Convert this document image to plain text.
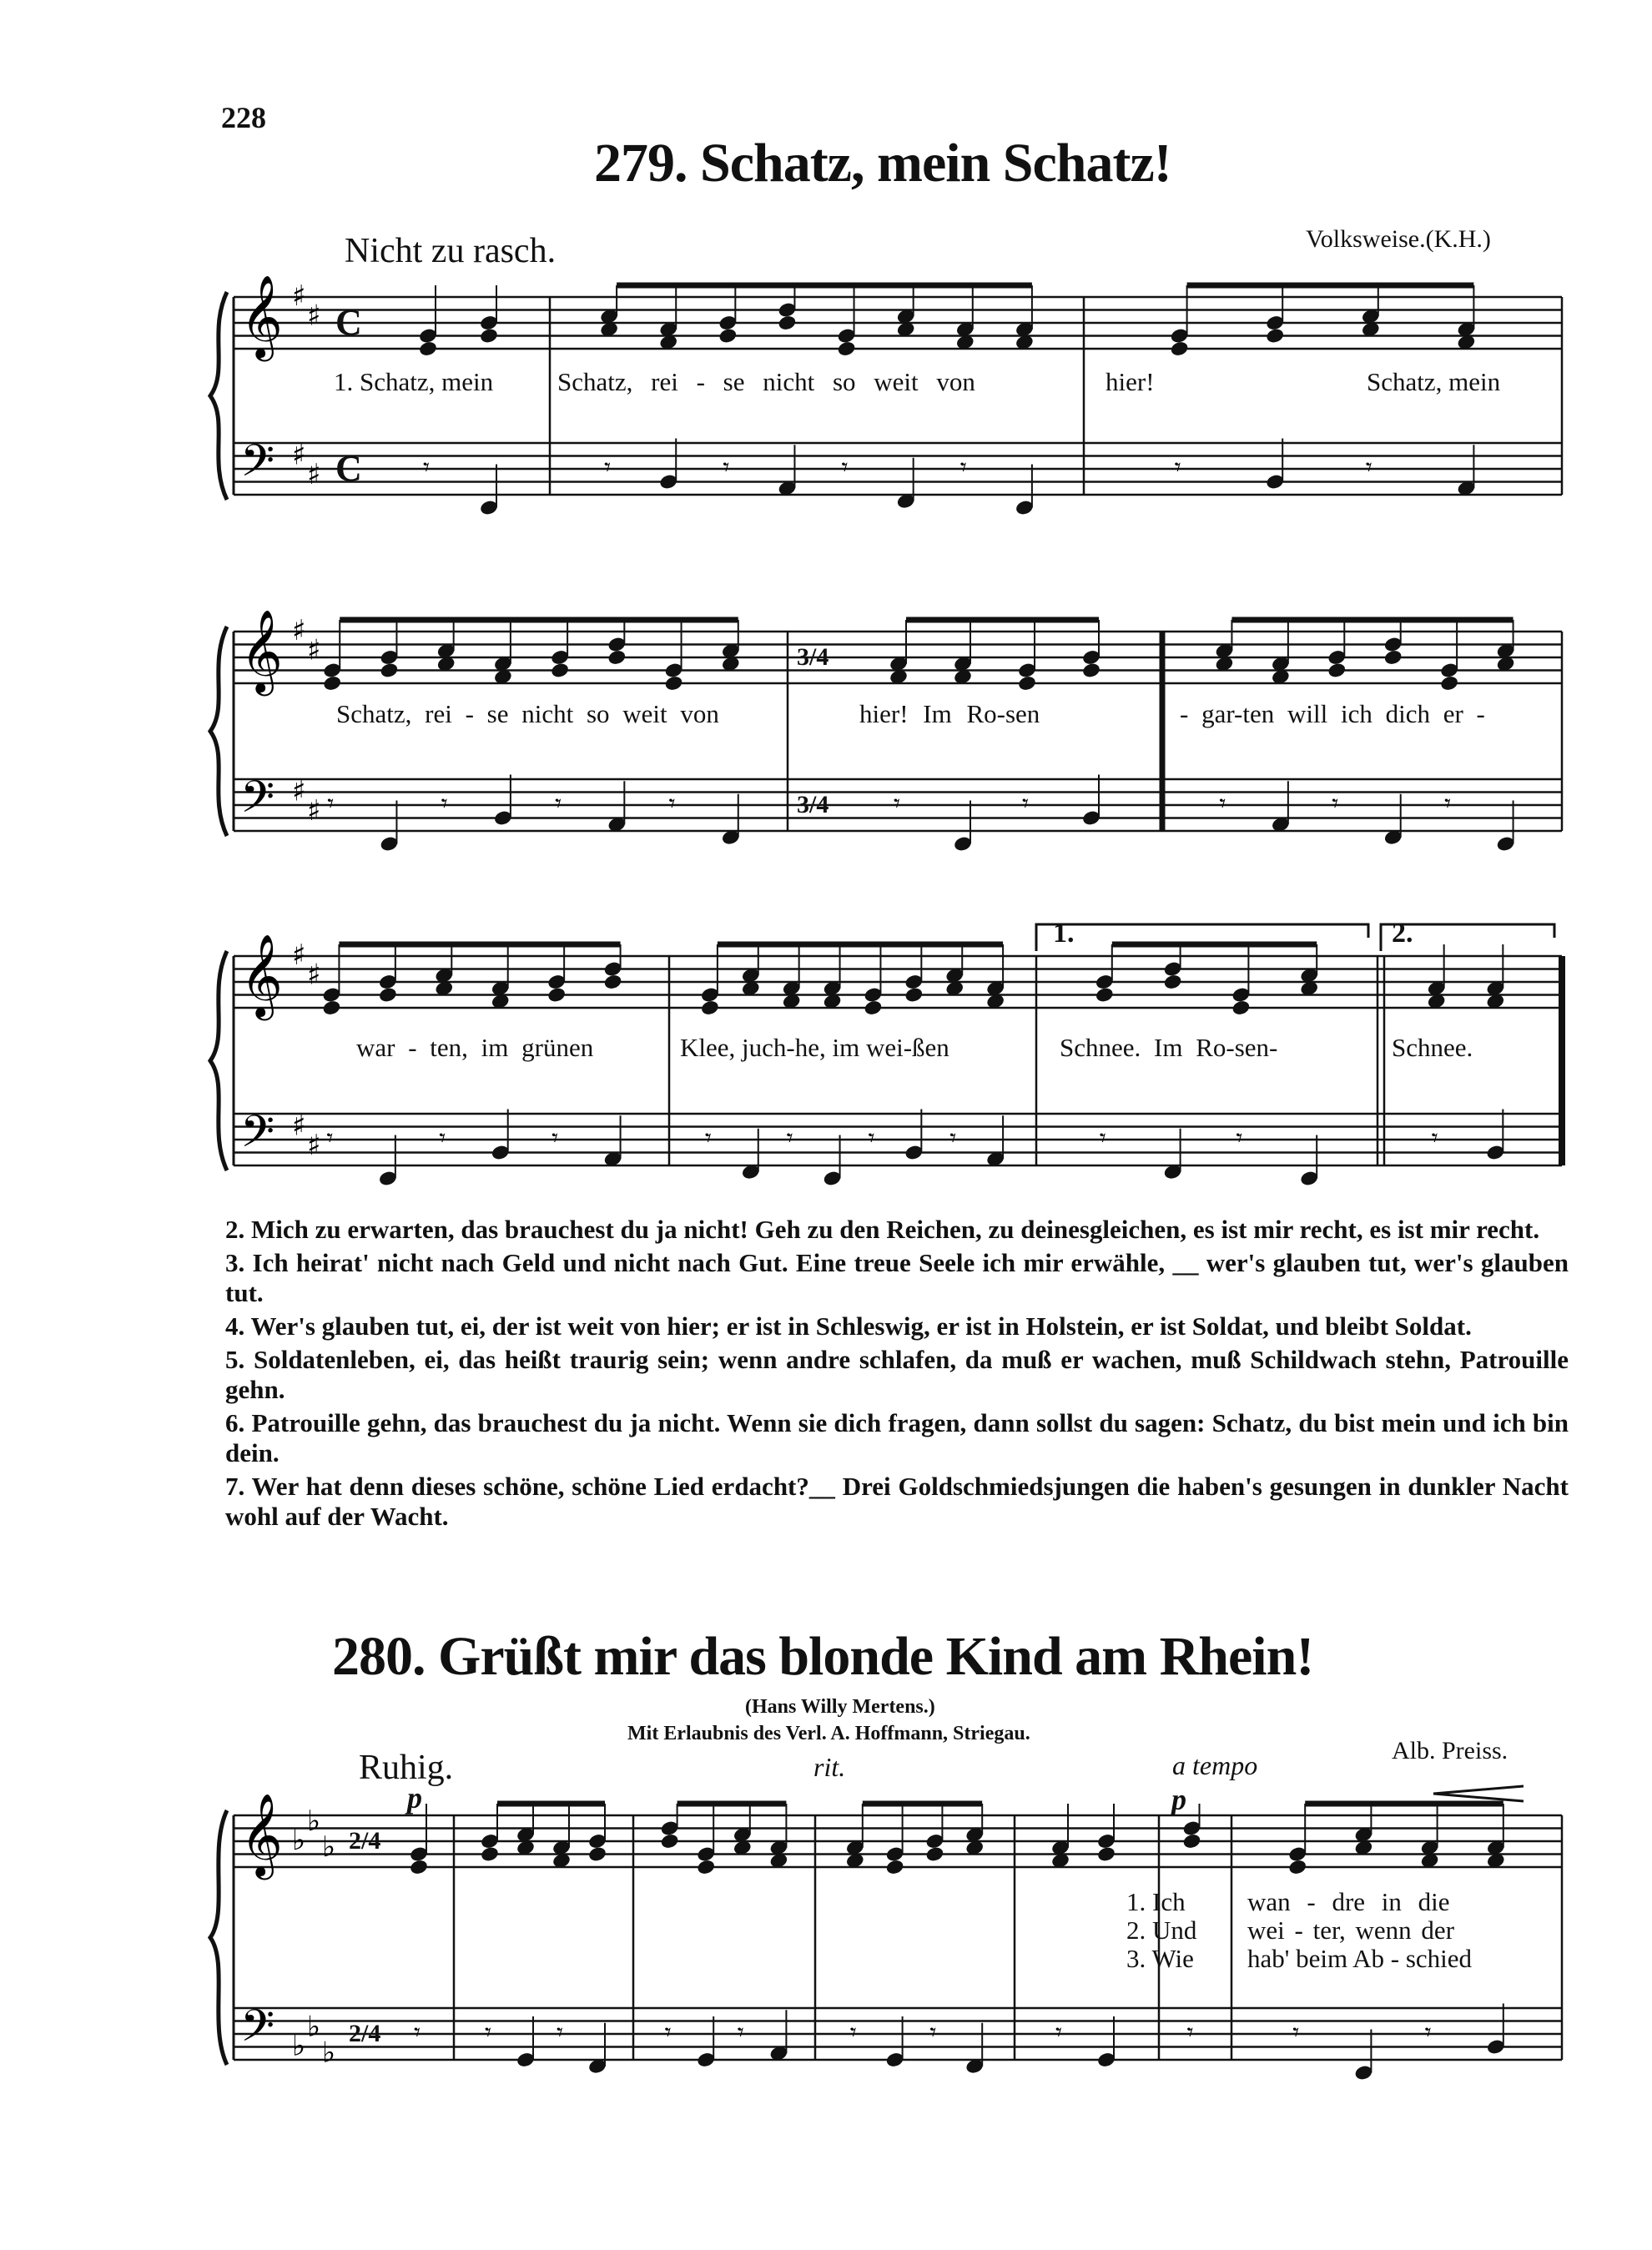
228
279. Schatz, mein Schatz!
Nicht zu rasch.	Volksweise.(K.H.)
𝄞 ♯
♯
𝄢 ♯
♯	𝄾	𝄾	𝄾	𝄾	𝄾	𝄾	𝄾
𝄞 ♯
♯
𝄢 ♯
♯ 𝄾	𝄾	𝄾	𝄾	𝄾	𝄾	𝄾	𝄾	𝄾
𝄞 ♯
♯
𝄢 ♯
♯ 𝄾	𝄾	𝄾	𝄾	𝄾	𝄾	𝄾	𝄾	𝄾	𝄾
𝄞 ♭
♭
♭
𝄢 ♭
♭
♭
𝄾	𝄾	𝄾	𝄾	𝄾	𝄾	𝄾	𝄾	𝄾	𝄾	𝄾
C
C
3/4
3/4
2/4
2/4
1. Schatz, mein Schatz, rei - se nicht so weit von	hier!	Schatz, mein
Schatz, rei - se nicht so weit von	hier! Im Ro-sen	- gar-ten will ich dich er -
war - ten, im grünen	Klee, juch-he, im wei-ßen	Schnee. Im Ro-sen-	Schnee.
1.	2.

2. Mich zu erwarten, das brauchest du ja nicht! Geh zu den Reichen, zu deinesgleichen, es ist mir recht, es ist mir recht.

3. Ich heirat' nicht nach Geld und nicht nach Gut. Eine treue Seele ich mir erwähle, __ wer's glauben tut, wer's glauben tut.

4. Wer's glauben tut, ei, der ist weit von hier; er ist in Schleswig, er ist in Holstein, er ist Soldat, und bleibt Soldat.

5. Soldatenleben, ei, das heißt traurig sein; wenn andre schlafen, da muß er wachen, muß Schildwach stehn, Patrouille gehn.

6. Patrouille gehn, das brauchest du ja nicht. Wenn sie dich fragen, dann sollst du sagen: Schatz, du bist mein und ich bin dein.

7. Wer hat denn dieses schöne, schöne Lied erdacht?__ Drei Goldschmiedsjungen die haben's gesungen in dunkler Nacht wohl auf der Wacht.

280. Grüßt mir das blonde Kind am Rhein!
(Hans Willy Mertens.)
Mit Erlaubnis des Verl. A. Hoffmann, Striegau.
Alb. Preiss.
Ruhig.	rit.	a tempo
p	p
1. Ich
2. Und
3. Wie
wan - dre in die
wei - ter, wenn der
hab' beim Ab - schied
